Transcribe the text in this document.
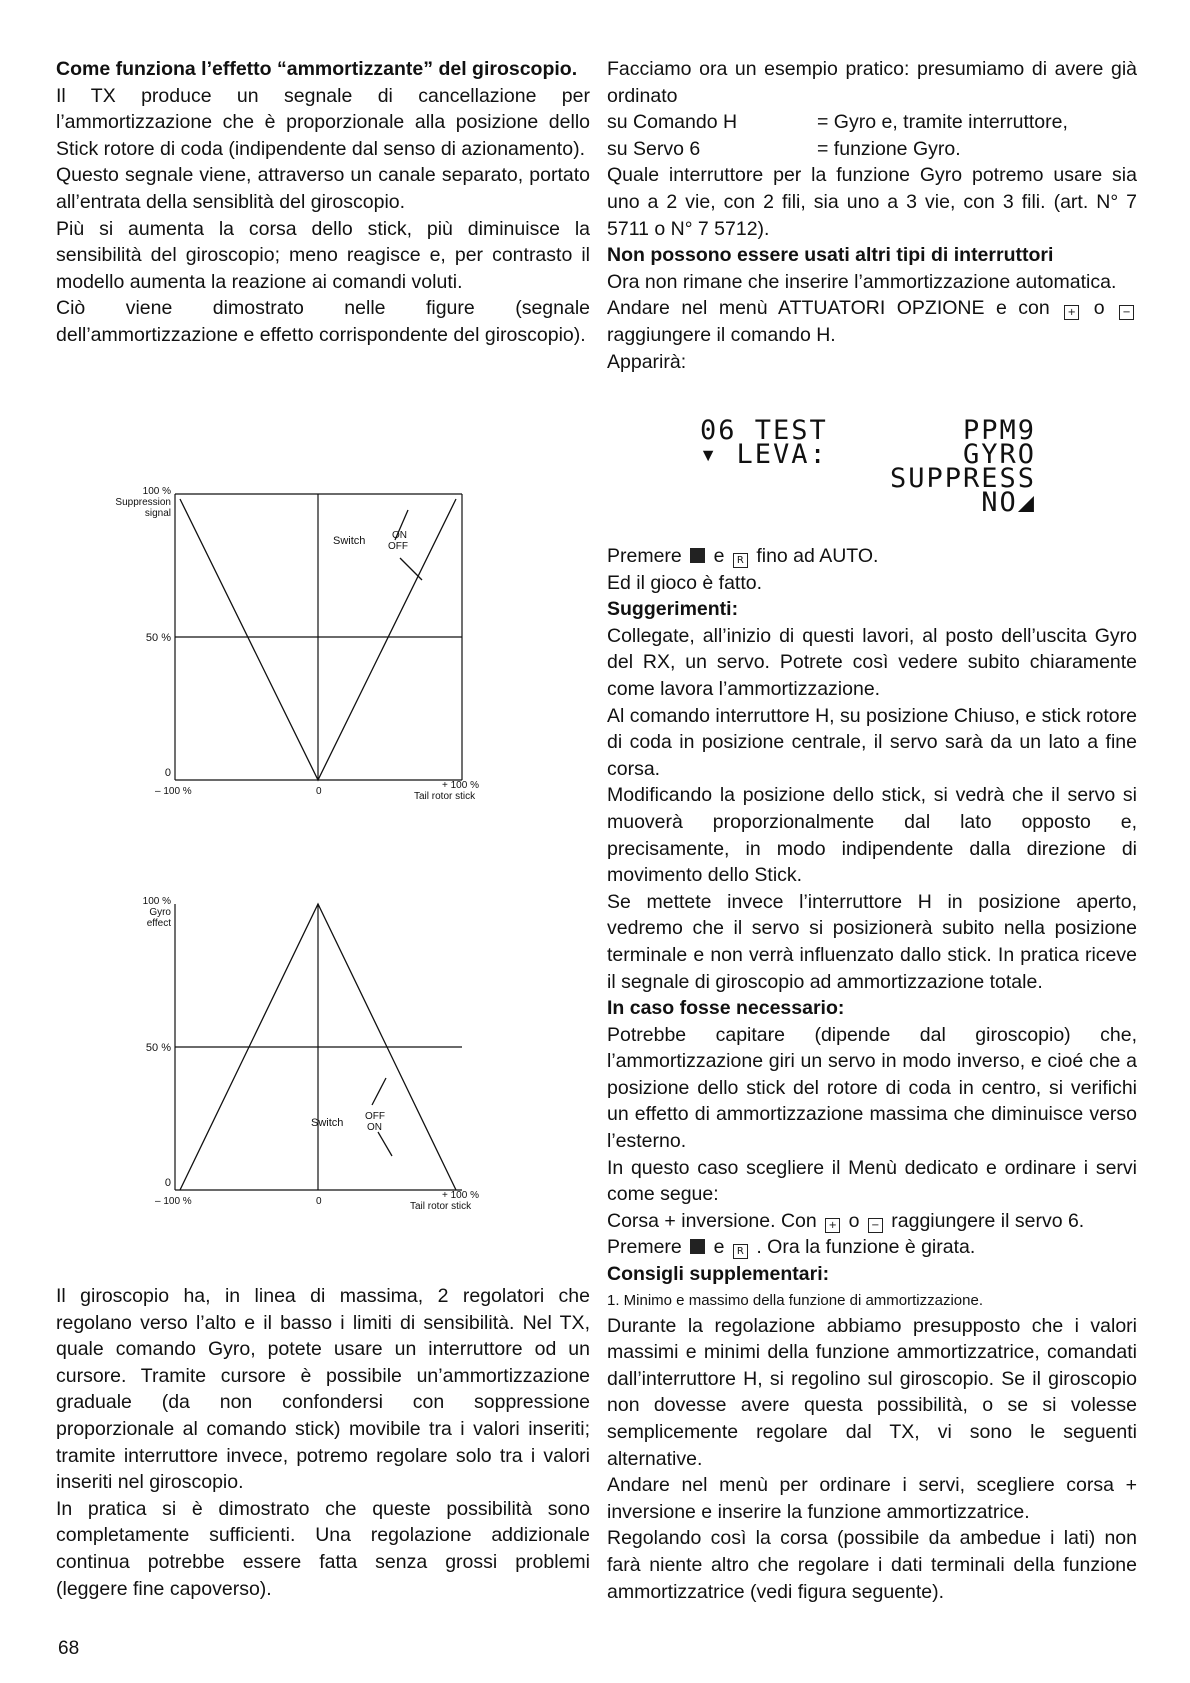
Come funziona l’effetto “ammortizzante” del giroscopio.

Il TX produce un segnale di cancellazione per l’ammortizzazione che è proporzionale alla posizione dello Stick rotore di coda (indipendente dal senso di azionamento).

Questo segnale viene, attraverso un canale separato, portato all’entrata della sensiblità del giroscopio.

Più si aumenta la corsa dello stick, più diminuisce la sensibilità del giroscopio; meno reagisce e, per contrasto il modello aumenta la reazione ai comandi voluti.

Ciò viene dimostrato nelle figure (segnale dell’ammortizzazione e effetto corrispondente del giroscopio).

100 %
Suppression
signal
50 %
0
– 100 %	0
+ 100 %
Tail rotor stick
Switch	ON
OFF
100 %
Gyro
effect
50 %
0
– 100 %	0
+ 100 %
Tail rotor stick
Switch
OFF
ON

Il giroscopio ha, in linea di massima, 2 regolatori che regolano verso l’alto e il basso i limiti di sensibilità. Nel TX, quale comando Gyro, potete usare un interruttore od un cursore. Tramite cursore è possibile un’ammortizzazione graduale (da non confondersi con soppressione proporzionale al comando stick) movibile tra i valori inseriti; tramite interruttore invece, potremo regolare solo tra i valori inseriti nel giroscopio.

In pratica si è dimostrato che queste possibilità sono completamente sufficienti. Una regolazione addizionale continua potrebbe essere fatta senza grossi problemi (leggere fine capoverso).

Facciamo ora un esempio pratico: presumiamo di avere già ordinato

su Comando H	= Gyro e, tramite interruttore,
su Servo 6	= funzione Gyro.

Quale interruttore per la funzione Gyro potremo usare sia uno a 2 vie, con 2 fili, sia uno a 3 vie, con 3 fili. (art. N° 7 5711 o N° 7 5712).

Non possono essere usati altri tipi di interruttori

Ora non rimane che inserire l’ammortizzazione automatica.

Andare nel menù ATTUATORI OPZIONE e con + o − raggiungere il comando H.

Apparirà:

06 TEST	PPM9
▾ LEVA:	GYRO
SUPPRESS
NO◢

Premere e R fino ad AUTO.

Ed il gioco è fatto.

Suggerimenti:

Collegate, all’inizio di questi lavori, al posto dell’uscita Gyro del RX, un servo. Potrete così vedere subito chiaramente come lavora l’ammortizzazione.

Al comando interruttore H, su posizione Chiuso, e stick rotore di coda in posizione centrale, il servo sarà da un lato a fine corsa.

Modificando la posizione dello stick, si vedrà che il servo si muoverà proporzionalmente dal lato opposto e, precisamente, in modo indipendente dalla direzione di movimento dello Stick.

Se mettete invece l’interruttore H in posizione aperto, vedremo che il servo si posizionerà subito nella posizione terminale e non verrà influenzato dallo stick. In pratica riceve il segnale di giroscopio ad ammortizzazione totale.

In caso fosse necessario:

Potrebbe capitare (dipende dal giroscopio) che, l’ammortizzazione giri un servo in modo inverso, e cioé che a posizione dello stick del rotore di coda in centro, si verifichi un effetto di ammortizzazione massima che diminuisce verso l’esterno.

In questo caso scegliere il Menù dedicato e ordinare i servi come segue:

Corsa + inversione. Con + o − raggiungere il servo 6.

Premere e R . Ora la funzione è girata.

Consigli supplementari:

1. Minimo e massimo della funzione di ammortizzazione.

Durante la regolazione abbiamo presupposto che i valori massimi e minimi della funzione ammortizzatrice, comandati dall’interruttore H, si regolino sul giroscopio. Se il giroscopio non dovesse avere questa possibilità, o se si volesse semplicemente regolare dal TX, vi sono le seguenti alternative.

Andare nel menù per ordinare i servi, scegliere corsa + inversione e inserire la funzione ammortizzatrice.

Regolando così la corsa (possibile da ambedue i lati) non farà niente altro che regolare i dati terminali della funzione ammortizzatrice (vedi figura seguente).

68
